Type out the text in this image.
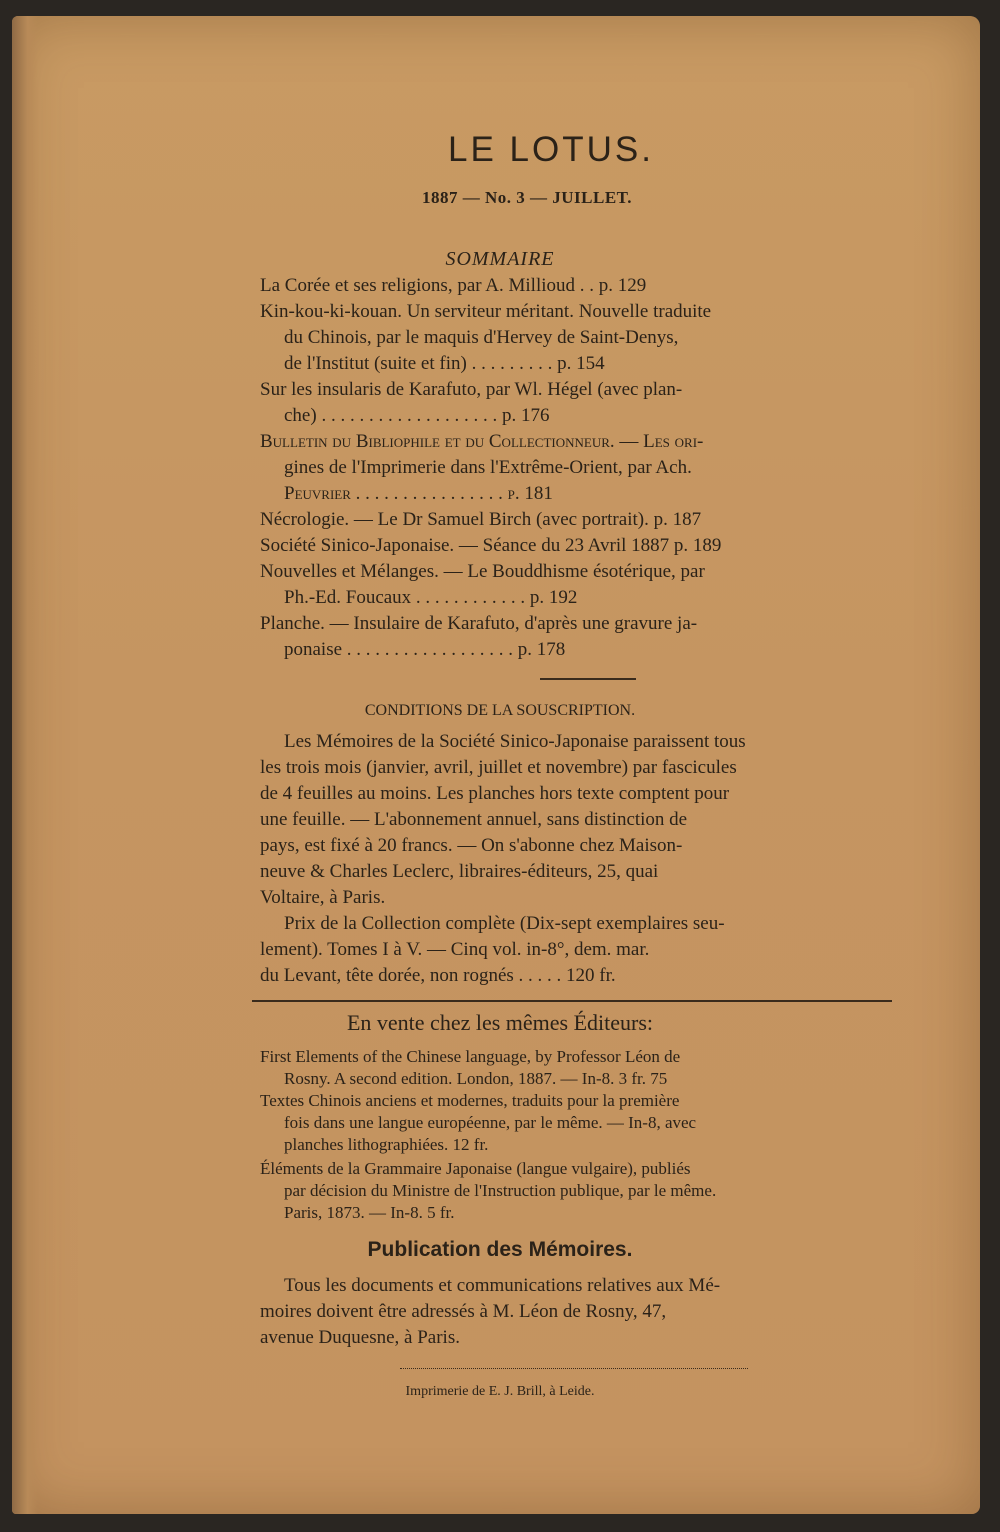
LE LOTUS.
1887 — No. 3 — JUILLET.
SOMMAIRE
La Corée et ses religions, par A. Millioud . . p. 129
Kin-kou-ki-kouan. Un serviteur méritant. Nouvelle traduite
du Chinois, par le maquis d'Hervey de Saint-Denys,
de l'Institut (suite et fin) . . . . . . . . . p. 154
Sur les insularis de Karafuto, par Wl. Hégel (avec plan-
che) . . . . . . . . . . . . . . . . . . . p. 176
Bulletin du Bibliophile et du Collectionneur. — Les ori-
gines de l'Imprimerie dans l'Extrême-Orient, par Ach.
Peuvrier . . . . . . . . . . . . . . . . p. 181
Nécrologie. — Le Dr Samuel Birch (avec portrait). p. 187
Société Sinico-Japonaise. — Séance du 23 Avril 1887 p. 189
Nouvelles et Mélanges. — Le Bouddhisme ésotérique, par
Ph.-Ed. Foucaux . . . . . . . . . . . . p. 192
Planche. — Insulaire de Karafuto, d'après une gravure ja-
ponaise . . . . . . . . . . . . . . . . . . p. 178
CONDITIONS DE LA SOUSCRIPTION.
Les Mémoires de la Société Sinico-Japonaise paraissent tous
les trois mois (janvier, avril, juillet et novembre) par fascicules
de 4 feuilles au moins. Les planches hors texte comptent pour
une feuille. — L'abonnement annuel, sans distinction de
pays, est fixé à 20 francs. — On s'abonne chez Maison-
neuve & Charles Leclerc, libraires-éditeurs, 25, quai
Voltaire, à Paris.
Prix de la Collection complète (Dix-sept exemplaires seu-
lement). Tomes I à V. — Cinq vol. in-8°, dem. mar.
du Levant, tête dorée, non rognés . . . . . 120 fr.
En vente chez les mêmes Éditeurs:
First Elements of the Chinese language, by Professor Léon de
Rosny. A second edition. London, 1887. — In-8. 3 fr. 75
Textes Chinois anciens et modernes, traduits pour la première
fois dans une langue européenne, par le même. — In-8, avec
planches lithographiées. 12 fr.
Éléments de la Grammaire Japonaise (langue vulgaire), publiés
par décision du Ministre de l'Instruction publique, par le même.
Paris, 1873. — In-8. 5 fr.
Publication des Mémoires.
Tous les documents et communications relatives aux Mé-
moires doivent être adressés à M. Léon de Rosny, 47,
avenue Duquesne, à Paris.
Imprimerie de E. J. Brill, à Leide.
